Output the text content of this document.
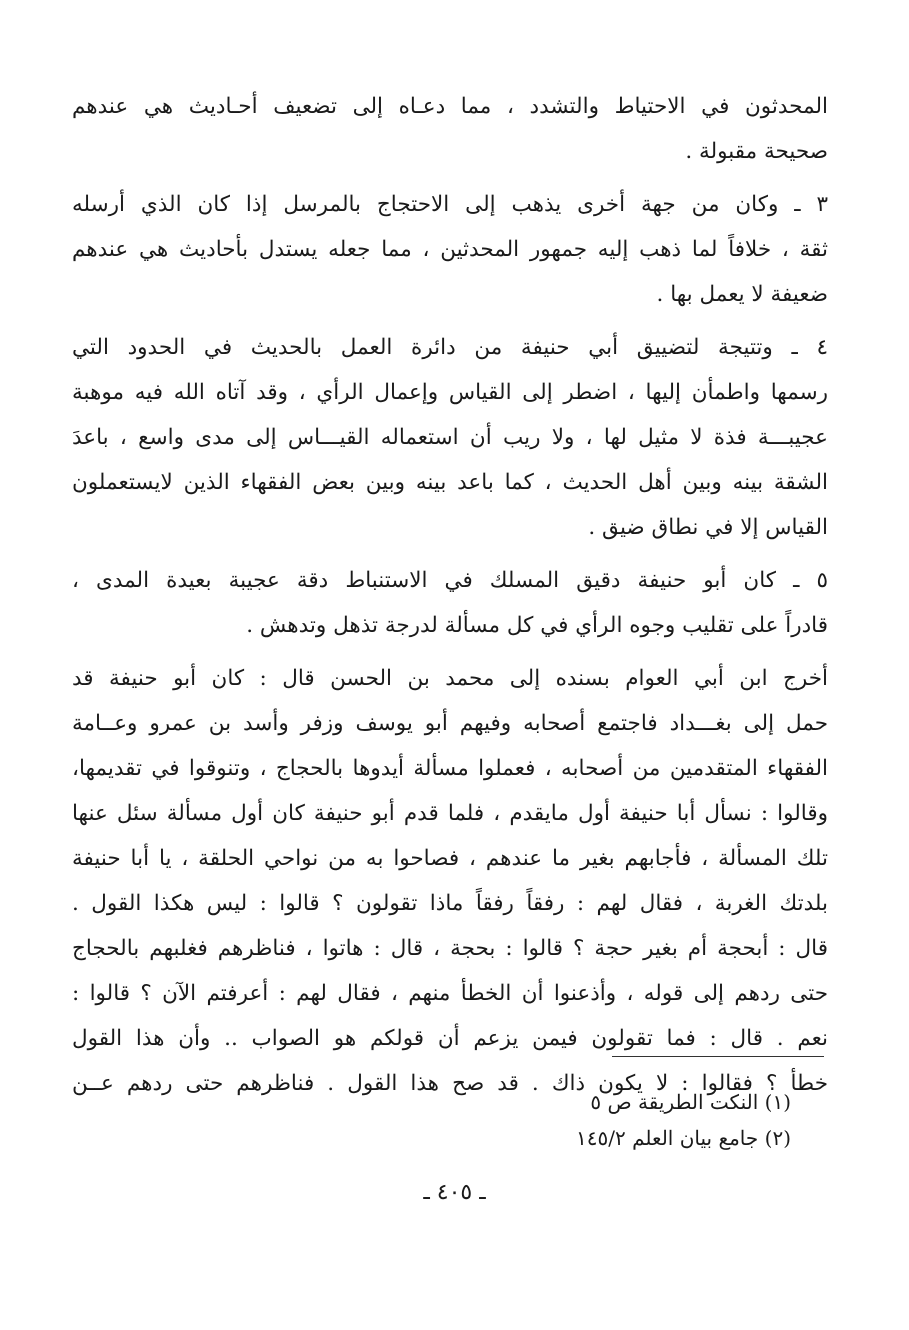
المحدثون في الاحتياط والتشدد ، مما دعـاه إلى تضعيف أحـاديث هي عندهم
صحيحة مقبولة .
٣ ـ وكان من جهة أخرى يذهب إلى الاحتجاج بالمرسل إذا كان الذي أرسله
ثقة ، خلافاً لما ذهب إليه جمهور المحدثين ، مما جعله يستدل بأحاديث هي عندهم
ضعيفة لا يعمل بها .
٤ ـ وتتيجة لتضييق أبي حنيفة من دائرة العمل بالحديث في الحدود التي
رسمها واطمأن إليها ، اضطر إلى القياس وإعمال الرأي ، وقد آتاه الله فيه موهبة
عجيبـــة فذة لا مثيل لها ، ولا ريب أن استعماله القيـــاس إلى مدى واسع ، باعدَ
الشقة بينه وبين أهل الحديث ، كما باعد بينه وبين بعض الفقهاء الذين لايستعملون
القياس إلا في نطاق ضيق .
٥ ـ كان أبو حنيفة دقيق المسلك في الاستنباط دقة عجيبة بعيدة المدى ،
قادراً على تقليب وجوه الرأي في كل مسألة لدرجة تذهل وتدهش .
أخرج ابن أبي العوام بسنده إلى محمد بن الحسن قال : كان أبو حنيفة قد
حمل إلى بغـــداد فاجتمع أصحابه وفيهم أبو يوسف وزفر وأسد بن عمرو وعــامة
الفقهاء المتقدمين من أصحابه ، فعملوا مسألة أيدوها بالحجاج ، وتنوقوا في تقديمها،
وقالوا : نسأل أبا حنيفة أول مايقدم ، فلما قدم أبو حنيفة كان أول مسألة سئل عنها
تلك المسألة ، فأجابهم بغير ما عندهم ، فصاحوا به من نواحي الحلقة ، يا أبا حنيفة
بلدتك الغربة ، فقال لهم : رفقاً رفقاً ماذا تقولون ؟ قالوا : ليس هكذا القول .
قال : أبحجة أم بغير حجة ؟ قالوا : بحجة ، قال : هاتوا ، فناظرهم فغلبهم بالحجاج
حتى ردهم إلى قوله ، وأذعنوا أن الخطأ منهم ، فقال لهم : أعرفتم الآن ؟ قالوا :
نعم . قال : فما تقولون فيمن يزعم أن قولكم هو الصواب .. وأن هذا القول
خطأ ؟ فقالوا : لا يكون ذاك . قد صح هذا القول . فناظرهم حتى ردهم عــن
(١) النكت الطريقة ص ٥
(٢) جامع بيان العلم ١٤٥/٢
ـ ٤٠٥ ـ
